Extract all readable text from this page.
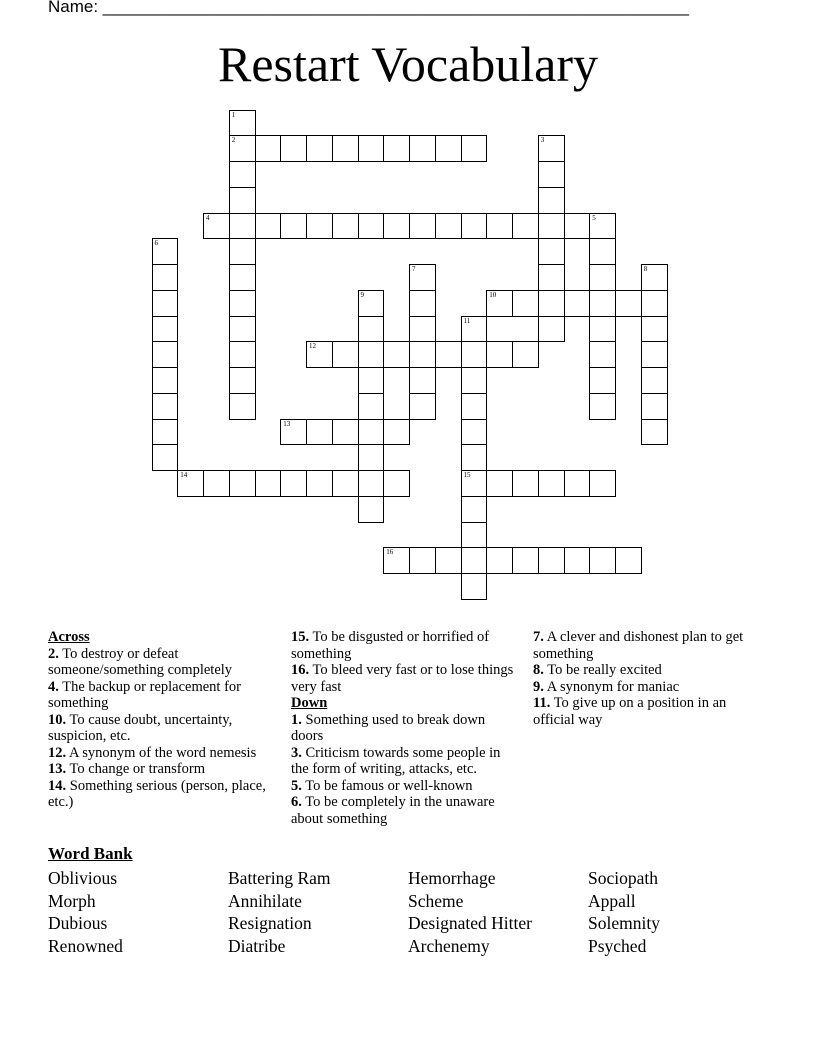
Name: ______________________________________________________________
Restart Vocabulary
1
2	3
4	5
6
7	8
9	10
11
12
13
14	15
16

Across

2. To destroy or defeat someone/something completely

4. The backup or replacement for something

10. To cause doubt, uncertainty, suspicion, etc.

12. A synonym of the word nemesis

13. To change or transform

14. Something serious (person, place, etc.)

15. To be disgusted or horrified of something

16. To bleed very fast or to lose things very fast

Down

1. Something used to break down doors

3. Criticism towards some people in the form of writing, attacks, etc.

5. To be famous or well-known

6. To be completely in the unaware about something

7. A clever and dishonest plan to get something

8. To be really excited

9. A synonym for maniac

11. To give up on a position in an official way

Word Bank
Oblivious	Battering Ram	Hemorrhage	Sociopath
Morph	Annihilate	Scheme	Appall
Dubious	Resignation	Designated Hitter	Solemnity
Renowned	Diatribe	Archenemy	Psyched
